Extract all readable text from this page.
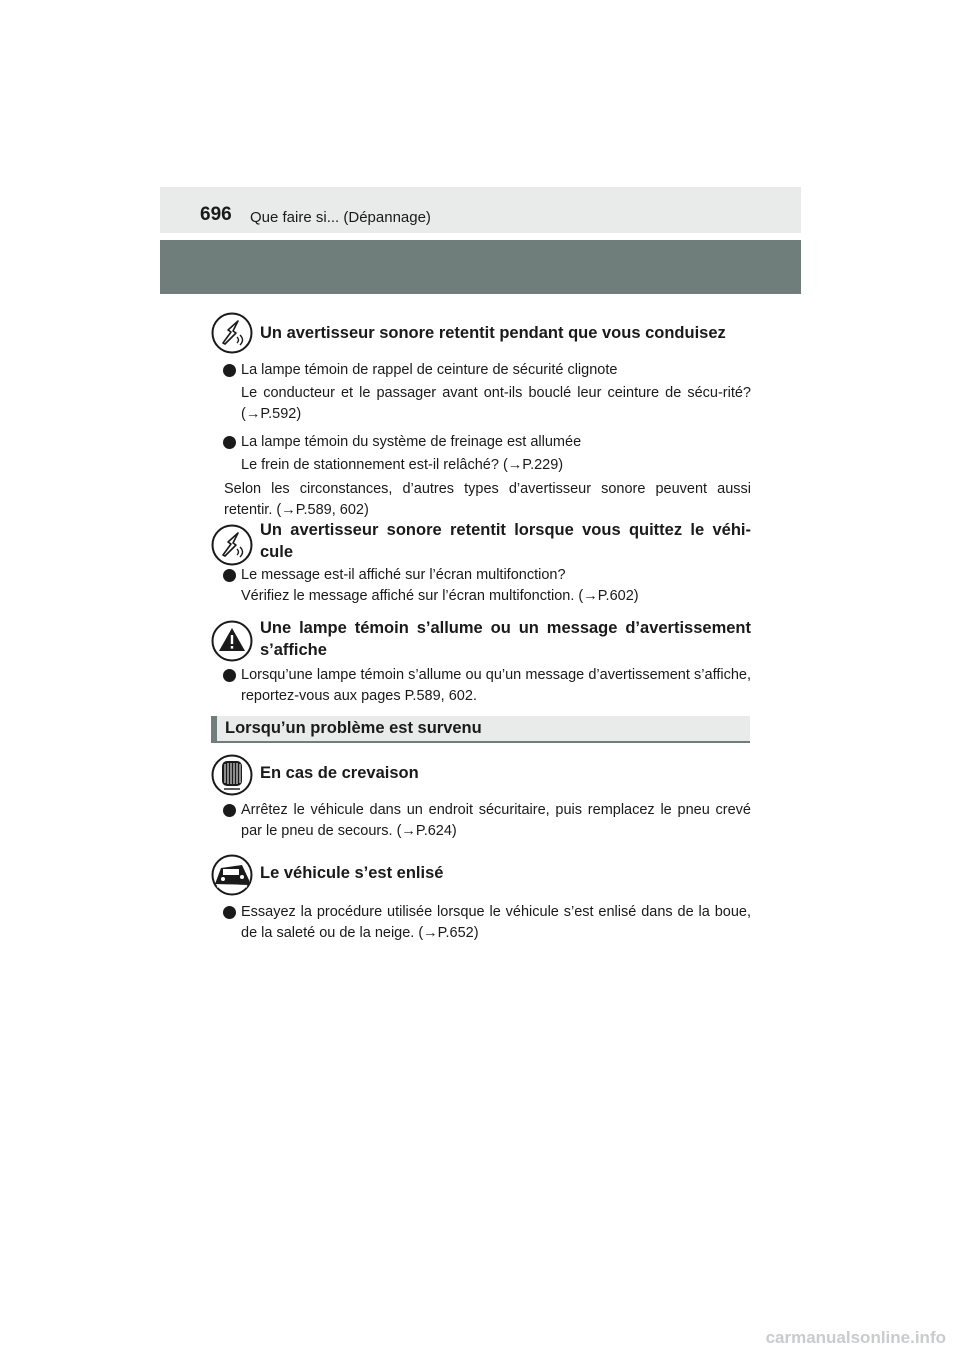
696 Que faire si... (Dépannage)
Un avertisseur sonore retentit pendant que vous conduisez
La lampe témoin de rappel de ceinture de sécurité clignote
Le conducteur et le passager avant ont-ils bouclé leur ceinture de sécu-rité? (→P.592)
La lampe témoin du système de freinage est allumée
Le frein de stationnement est-il relâché? (→P.229)
Selon les circonstances, d’autres types d’avertisseur sonore peuvent aussi retentir. (→P.589, 602)
Un avertisseur sonore retentit lorsque vous quittez le véhi-cule
Le message est-il affiché sur l’écran multifonction?
Vérifiez le message affiché sur l’écran multifonction. (→P.602)
Une lampe témoin s’allume ou un message d’avertissement s’affiche
Lorsqu’une lampe témoin s’allume ou qu’un message d’avertissement s’affiche, reportez-vous aux pages P.589, 602.
Lorsqu’un problème est survenu
En cas de crevaison
Arrêtez le véhicule dans un endroit sécuritaire, puis remplacez le pneu crevé par le pneu de secours. (→P.624)
Le véhicule s’est enlisé
Essayez la procédure utilisée lorsque le véhicule s’est enlisé dans de la boue, de la saleté ou de la neige. (→P.652)
carmanualsonline.info
